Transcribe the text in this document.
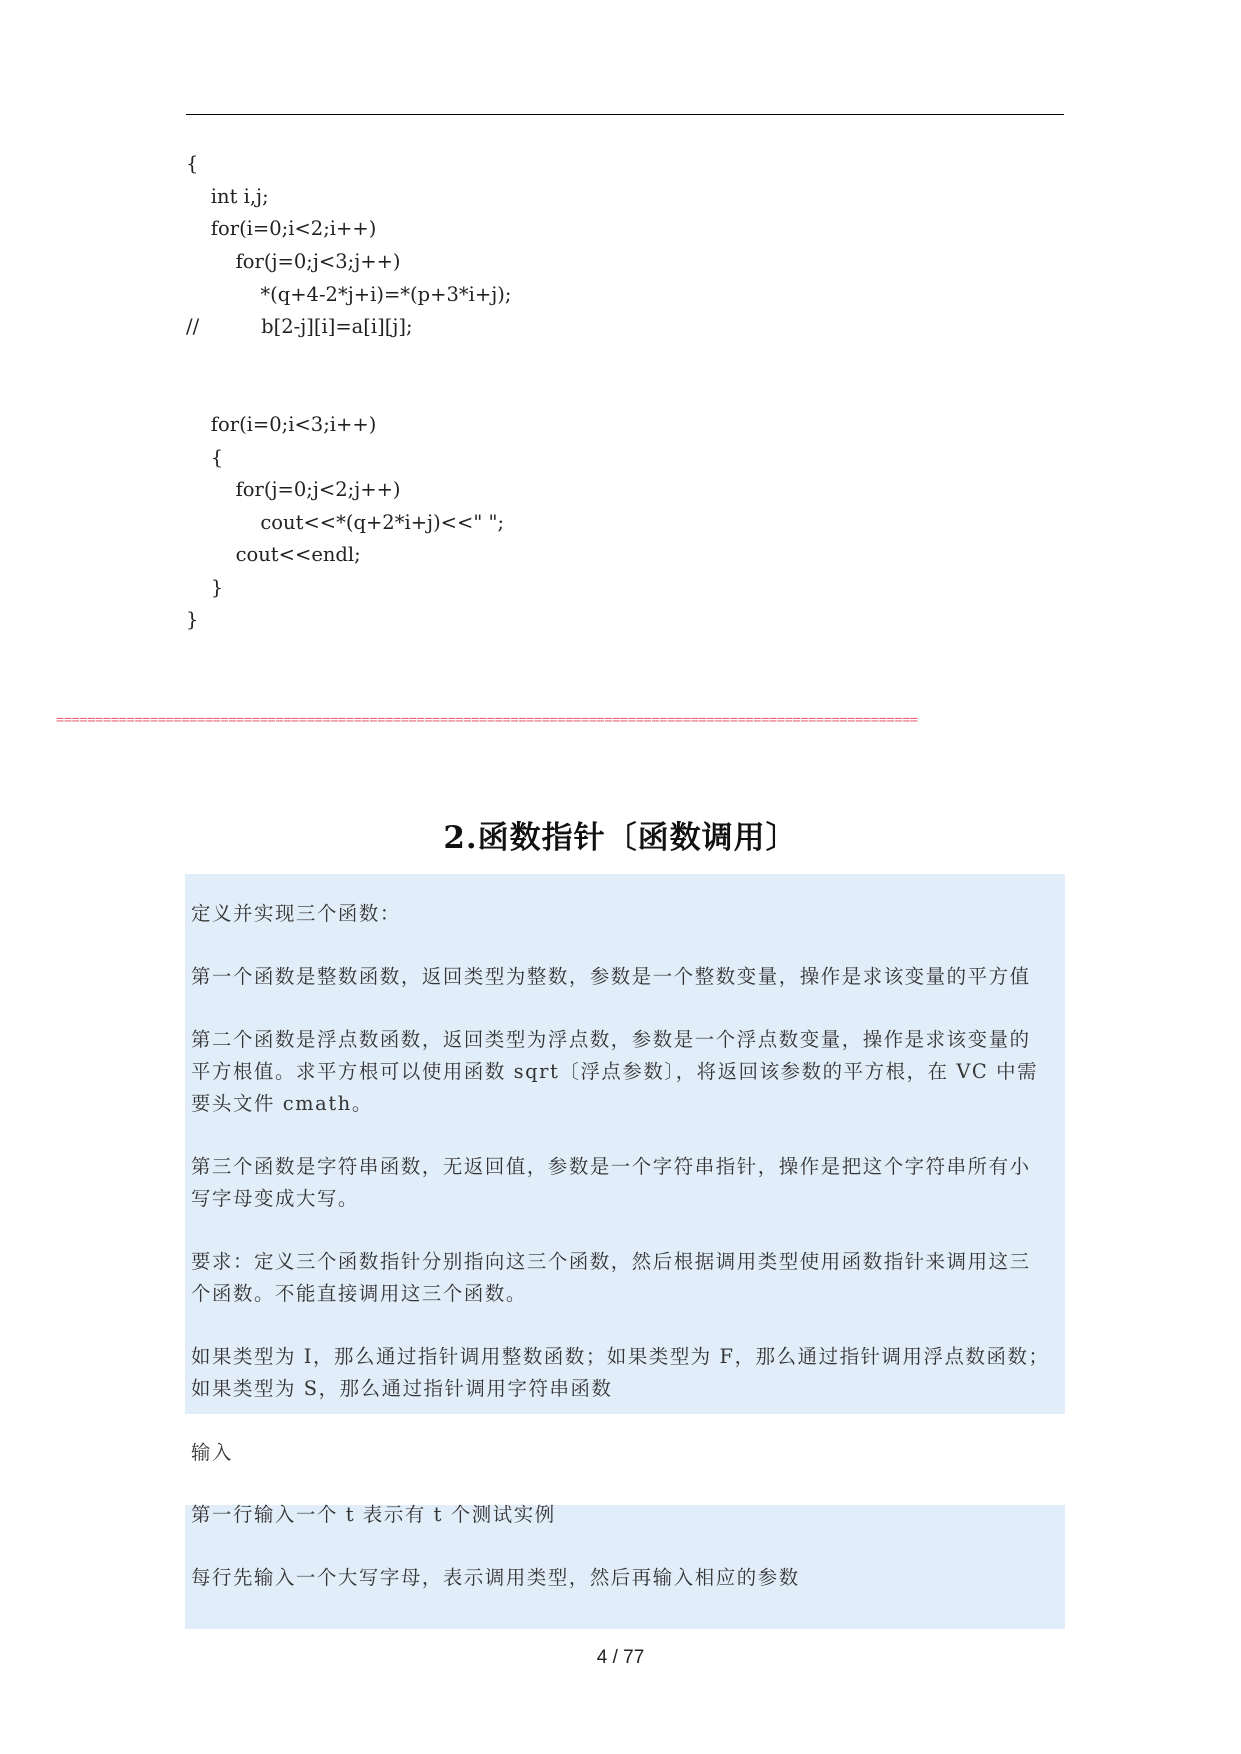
{
int i,j;
for(i=0;i<2;i++)
for(j=0;j<3;j++)
*(q+4-2*j+i)=*(p+3*i+j);
//          b[2-j][i]=a[i][j];
for(i=0;i<3;i++)
{
for(j=0;j<2;j++)
cout<<*(q+2*i+j)<<" ";
cout<<endl;
}
}
==============================================================================================================
2.函数指针〔函数调用〕

定义并实现三个函数：

第一个函数是整数函数，返回类型为整数，参数是一个整数变量，操作是求该变量的平方值

第二个函数是浮点数函数，返回类型为浮点数，参数是一个浮点数变量，操作是求该变量的

平方根值。求平方根可以使用函数 sqrt〔浮点参数〕，将返回该参数的平方根，在 VC 中需

要头文件 cmath。

第三个函数是字符串函数，无返回值，参数是一个字符串指针，操作是把这个字符串所有小

写字母变成大写。

要求：定义三个函数指针分别指向这三个函数，然后根据调用类型使用函数指针来调用这三

个函数。不能直接调用这三个函数。

如果类型为 I，那么通过指针调用整数函数；如果类型为 F，那么通过指针调用浮点数函数；

如果类型为 S，那么通过指针调用字符串函数

输入

第一行输入一个 t 表示有 t 个测试实例

每行先输入一个大写字母，表示调用类型，然后再输入相应的参数

4 / 77
